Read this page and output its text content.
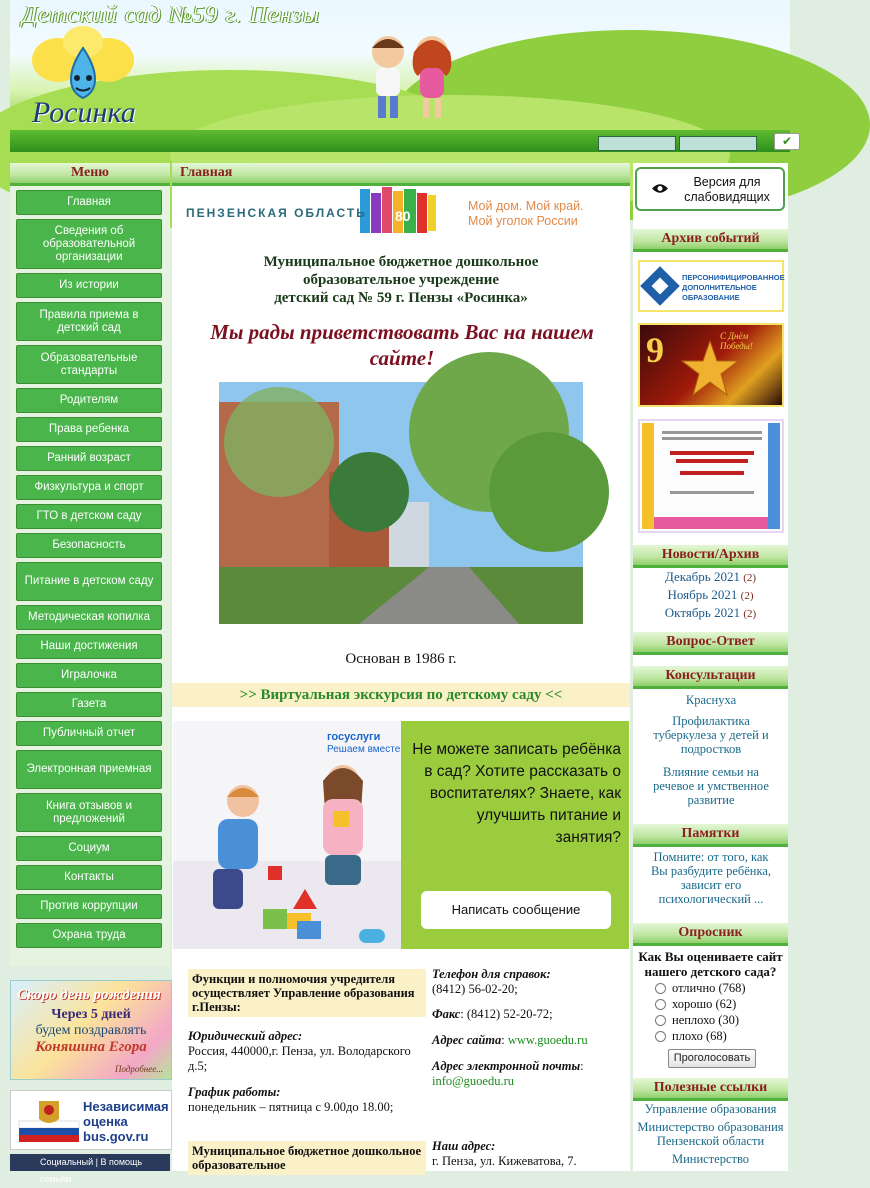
Детский сад №59 г. Пензы
Росинка
✔
Меню
Главная
Сведения об образовательной организации
Из истории
Правила приема в детский сад
Образовательные стандарты
Родителям
Права ребенка
Ранний возраст
Физкультура и спорт
ГТО в детском саду
Безопасность
Питание в детском саду
Методическая копилка
Наши достижения
Игралочка
Газета
Публичный отчет
Электронная приемная
Книга отзывов и предложений
Социум
Контакты
Против коррупции
Охрана труда
Скоро день рождения
Через 5 дней
будем поздравлять
Коняшина Егора
Подробнее...
Независимая
оценка
bus.gov.ru
Социальный | В помощь семьям
Главная
80
ПЕНЗЕНСКАЯ ОБЛАСТЬ	Мой дом. Мой край.
Мой уголок России
Муниципальное бюджетное дошкольное
образовательное учреждение
детский сад № 59 г. Пензы «Росинка»
Мы рады приветствовать Вас на нашем сайте!
Основан в 1986 г.
>> Виртуальная экскурсия по детскому саду <<
госуслуги
Решаем вместе Не можете записать ребёнка в сад? Хотите рассказать о воспитателях? Знаете, как улучшить питание и занятия?
Написать сообщение
Функции и полномочия учредителя осуществляет Управление образования г.Пензы:
Юридический адрес:
Россия, 440000,г. Пенза, ул. Володарского д.5;
График работы:
понедельник – пятница с 9.00до 18.00;
Телефон для справок:
(8412) 56-02-20;
Факс: (8412) 52-20-72;
Адрес сайта: www.guoedu.ru
Адрес электронной почты:
info@guoedu.ru
Муниципальное бюджетное дошкольное образовательное
Наш адрес:
г. Пенза, ул. Кижеватова, 7.
Версия для слабовидящих
Архив событий
ПЕРСОНИФИЦИРОВАННОЕ ДОПОЛНИТЕЛЬНОЕ ОБРАЗОВАНИЕ
9	С Днём Победы!
Новости/Архив
Декабрь 2021 (2)
Ноябрь 2021 (2)
Октябрь 2021 (2)
Вопрос-Ответ
Консультации
Краснуха
Профилактика туберкулеза у детей и подростков
Влияние семьи на речевое и умственное развитие
Памятки
Помните: от того, как Вы разбудите ребёнка, зависит его психологический ...
Опросник
Как Вы оцениваете сайт нашего детского сада?
отлично (768)
хорошо (62)
неплохо (30)
плохо (68)
Проголосовать
Полезные ссылки
Управление образования
Министерство образования Пензенской области
Министерство
